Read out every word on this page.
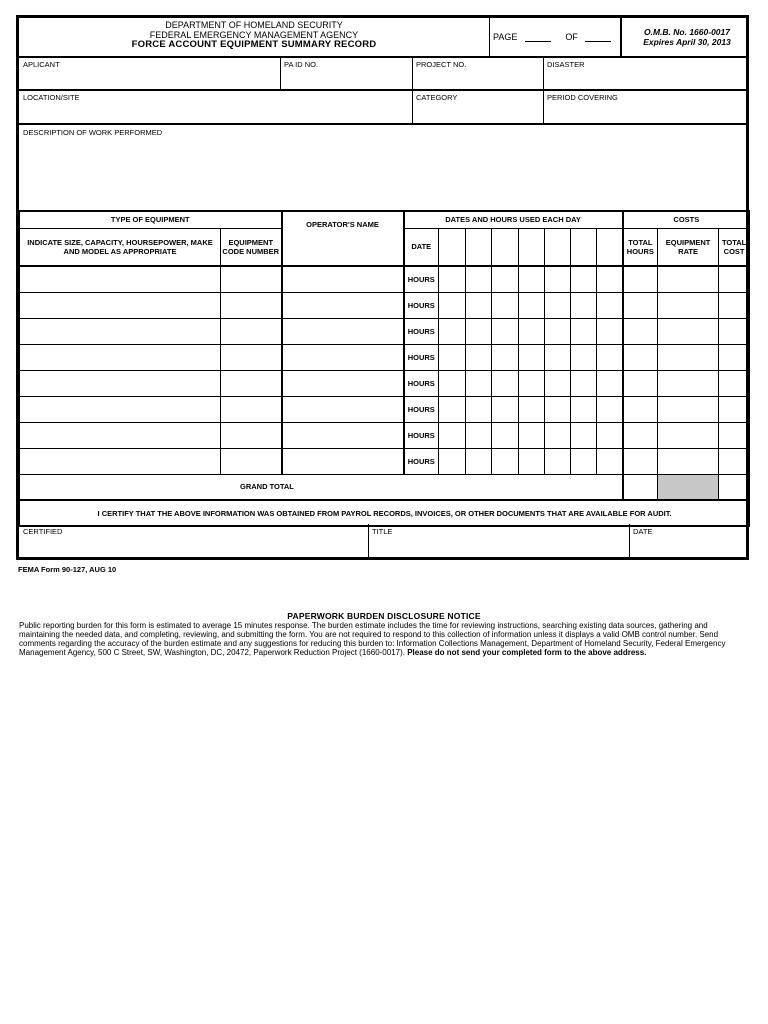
DEPARTMENT OF HOMELAND SECURITY
FEDERAL EMERGENCY MANAGEMENT AGENCY
FORCE ACCOUNT EQUIPMENT SUMMARY RECORD
PAGE	OF	O.M.B. No. 1660-0017
Expires April 30, 2013
APLICANT	PA ID NO.	PROJECT NO.	DISASTER
LOCATION/SITE	CATEGORY	PERIOD COVERING
DESCRIPTION OF WORK PERFORMED
TYPE OF EQUIPMENT		OPERATOR'S NAME	DATES AND HOURS USED EACH DAY								COSTS		
INDICATE SIZE, CAPACITY, HOURSEPOWER, MAKE AND MODEL AS APPROPRIATE	EQUIPMENT CODE NUMBER		DATE								TOTAL HOURS	EQUIPMENT RATE	TOTAL COST
			HOURS										
			HOURS										
			HOURS										
			HOURS										
			HOURS										
			HOURS										
			HOURS										
			HOURS										
GRAND TOTAL													
I CERTIFY THAT THE ABOVE INFORMATION WAS OBTAINED FROM PAYROL RECORDS, INVOICES, OR OTHER DOCUMENTS THAT ARE AVAILABLE FOR AUDIT.													
CERTIFIED	TITLE	DATE
FEMA Form 90-127, AUG 10
PAPERWORK BURDEN DISCLOSURE NOTICE
Public reporting burden for this form is estimated to average 15 minutes response. The burden estimate includes the time for reviewing instructions, searching existing data sources, gathering and maintaining the needed data, and completing, reviewing, and submitting the form. You are not required to respond to this collection of information unless it displays a valid OMB control number. Send comments regarding the accuracy of the burden estimate and any suggestions for reducing this burden to: Information Collections Management, Department of Homeland Security, Federal Emergency Management Agency, 500 C Street, SW, Washington, DC, 20472, Paperwork Reduction Project (1660-0017). Please do not send your completed form to the above address.
